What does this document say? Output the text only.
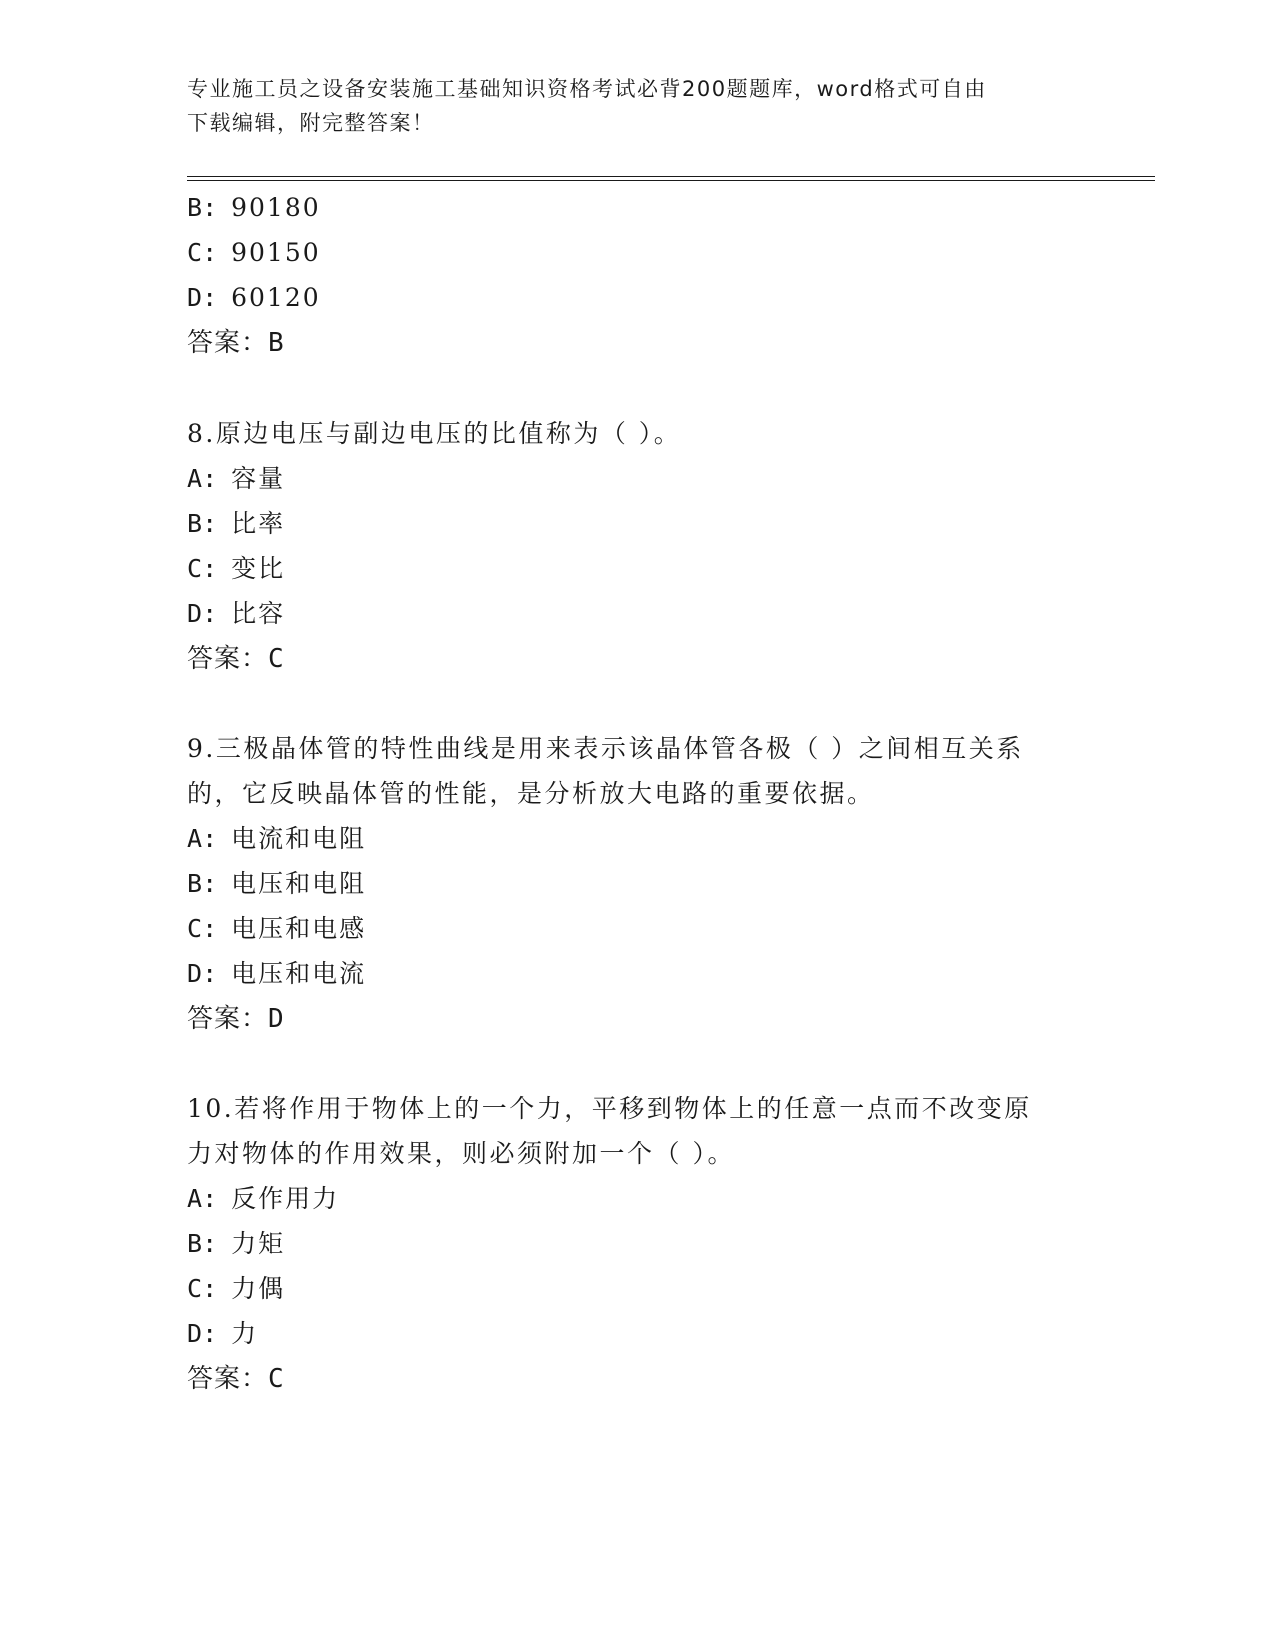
专业施工员之设备安装施工基础知识资格考试必背200题题库，word格式可自由
下载编辑，附完整答案！
B: 90180
C: 90150
D: 60120
答案：B
8.原边电压与副边电压的比值称为（ ）。
A: 容量
B: 比率
C: 变比
D: 比容
答案：C
9.三极晶体管的特性曲线是用来表示该晶体管各极（ ）之间相互关系
的，它反映晶体管的性能，是分析放大电路的重要依据。
A: 电流和电阻
B: 电压和电阻
C: 电压和电感
D: 电压和电流
答案：D
10.若将作用于物体上的一个力，平移到物体上的任意一点而不改变原
力对物体的作用效果，则必须附加一个（ ）。
A: 反作用力
B: 力矩
C: 力偶
D: 力
答案：C
